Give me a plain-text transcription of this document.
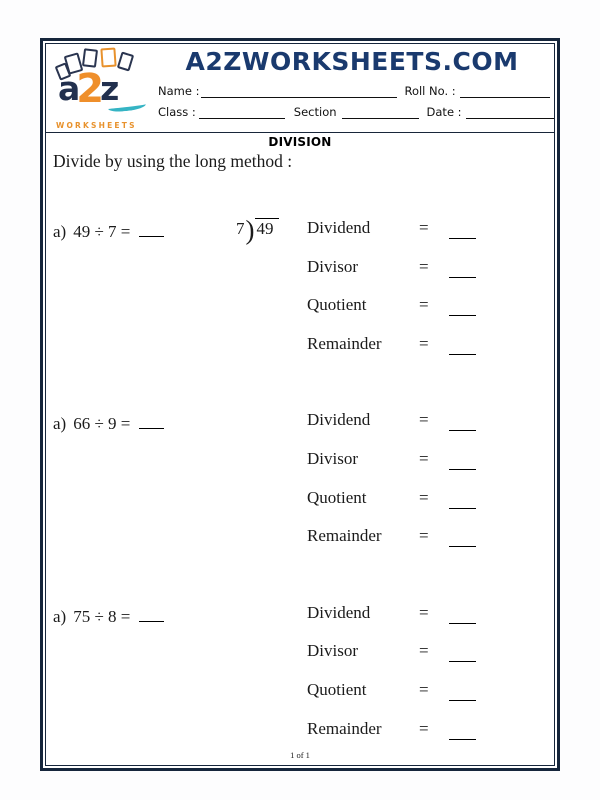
a2z
WORKSHEETS
A2ZWORKSHEETS.COM
Name :	Roll No. :
Class :	Section	Date :
DIVISION
Divide by using the long method :
a) 49 ÷ 7 =	7 ) 49	Dividend	=
Divisor	=
Quotient	=
Remainder	=
a) 66 ÷ 9 =	Dividend	=
Divisor	=
Quotient	=
Remainder	=
a) 75 ÷ 8 =	Dividend	=
Divisor	=
Quotient	=
Remainder	=
1 of 1
